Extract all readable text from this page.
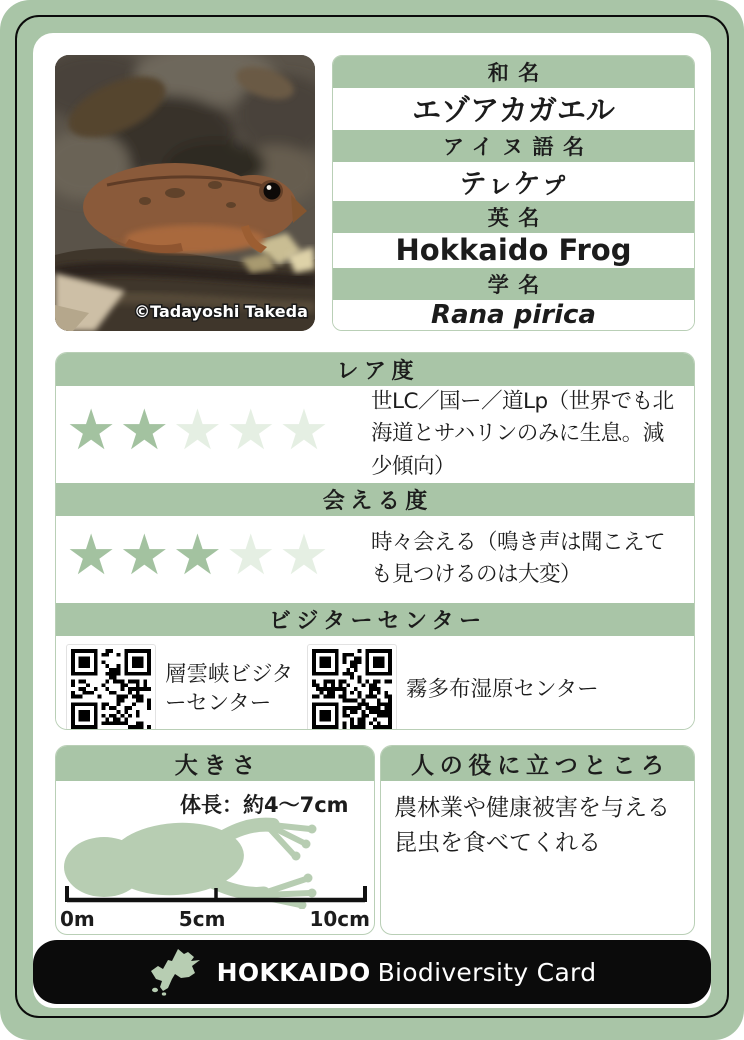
©Tadayoshi Takeda
和名
エゾアカガエル
アイヌ語名
テㇾケㇷ゚
英名
Hokkaido Frog
学名
Rana pirica
レア度
★★★★★	世LC／国ー／道Lp（世界でも北海道とサハリンのみに生息。減少傾向）
会える度
★★★★★	時々会える（鳴き声は聞こえても見つけるのは大変）
ビジターセンター
層雲峡ビジターセンター
霧多布湿原センター
大きさ
体長：約4〜7cm
0m	5cm	10cm
人の役に立つところ
農林業や健康被害を与える昆虫を食べてくれる
HOKKAIDO Biodiversity Card
